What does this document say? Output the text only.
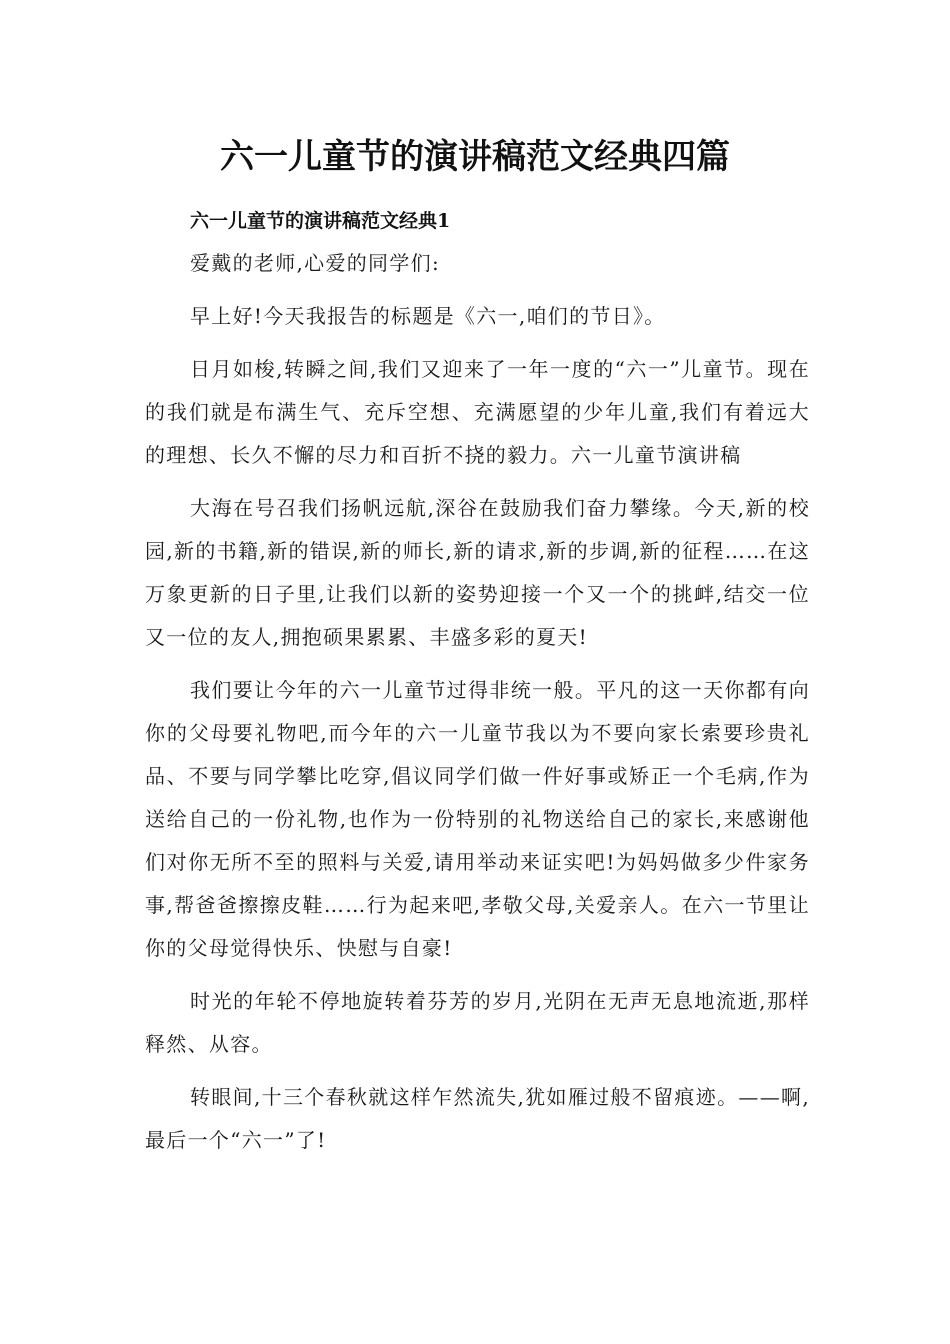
六一儿童节的演讲稿范文经典四篇
六一儿童节的演讲稿范文经典1

爱戴的老师,心爱的同学们:

早上好!今天我报告的标题是《六一,咱们的节日》。

日月如梭,转瞬之间,我们又迎来了一年一度的“六一”儿童节。现在的我们就是布满生气、充斥空想、充满愿望的少年儿童,我们有着远大的理想、长久不懈的尽力和百折不挠的毅力。六一儿童节演讲稿

大海在号召我们扬帆远航,深谷在鼓励我们奋力攀缘。今天,新的校园,新的书籍,新的错误,新的师长,新的请求,新的步调,新的征程……在这万象更新的日子里,让我们以新的姿势迎接一个又一个的挑衅,结交一位又一位的友人,拥抱硕果累累、丰盛多彩的夏天!

我们要让今年的六一儿童节过得非统一般。平凡的这一天你都有向你的父母要礼物吧,而今年的六一儿童节我以为不要向家长索要珍贵礼品、不要与同学攀比吃穿,倡议同学们做一件好事或矫正一个毛病,作为送给自己的一份礼物,也作为一份特别的礼物送给自己的家长,来感谢他们对你无所不至的照料与关爱,请用举动来证实吧!为妈妈做多少件家务事,帮爸爸擦擦皮鞋……行为起来吧,孝敬父母,关爱亲人。在六一节里让你的父母觉得快乐、快慰与自豪!

时光的年轮不停地旋转着芬芳的岁月,光阴在无声无息地流逝,那样释然、从容。

转眼间,十三个春秋就这样乍然流失,犹如雁过般不留痕迹。——啊,最后一个“六一”了!
